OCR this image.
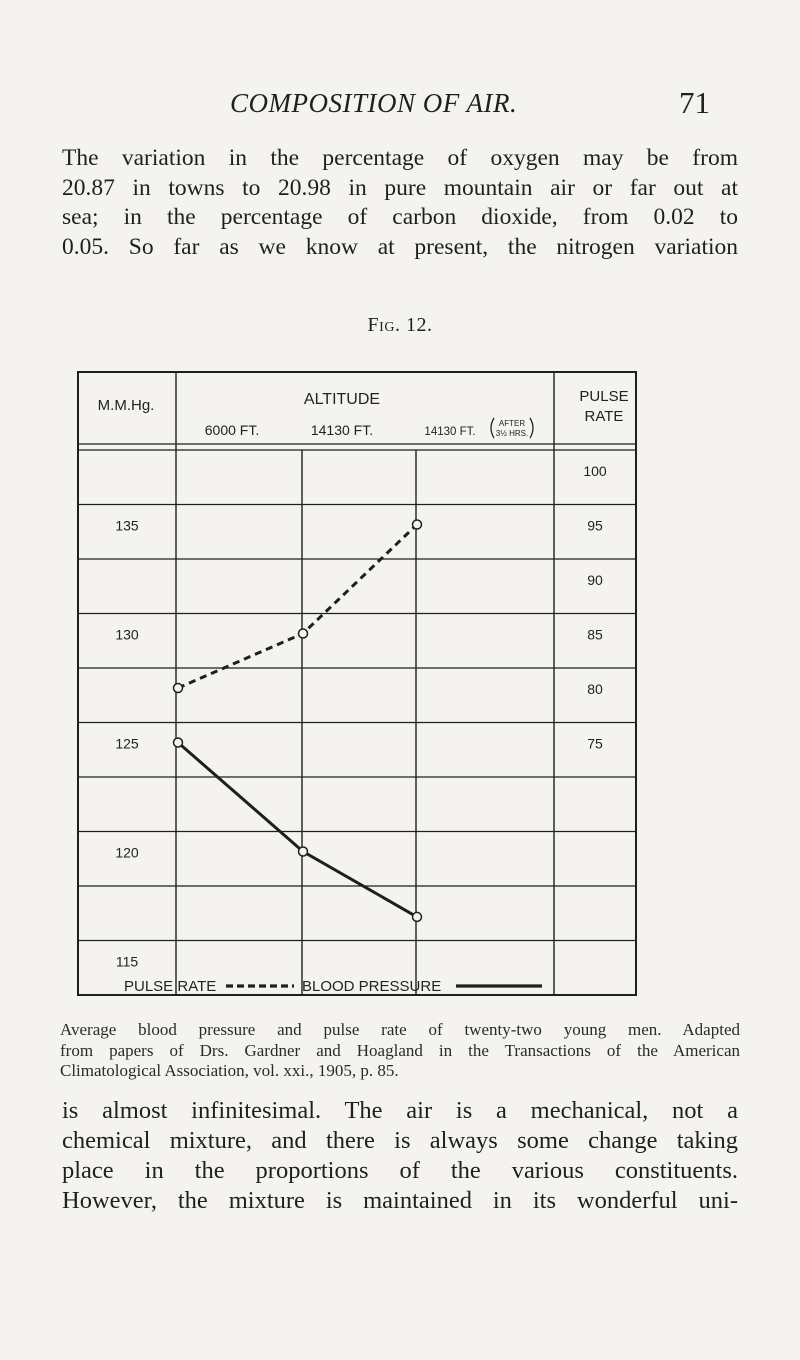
COMPOSITION OF AIR.	71

The variation in the percentage of oxygen may be from
20.87 in towns to 20.98 in pure mountain air or far out at
sea; in the percentage of carbon dioxide, from 0.02 to
0.05. So far as we know at present, the nitrogen variation

Fig. 12.
M.M.Hg.	ALTITUDE
6000 FT.	14130 FT.	14130 FT.
AFTER
3½ HRS.
PULSE
RATE
135
130
125
120
115
100
95
90
85
80
75
PULSE RATE	BLOOD PRESSURE

Average blood pressure and pulse rate of twenty-two young men. Adapted
from papers of Drs. Gardner and Hoagland in the Transactions of the American
Climatological Association, vol. xxi., 1905, p. 85.

is almost infinitesimal. The air is a mechanical, not a
chemical mixture, and there is always some change taking
place in the proportions of the various constituents.
However, the mixture is maintained in its wonderful uni-
